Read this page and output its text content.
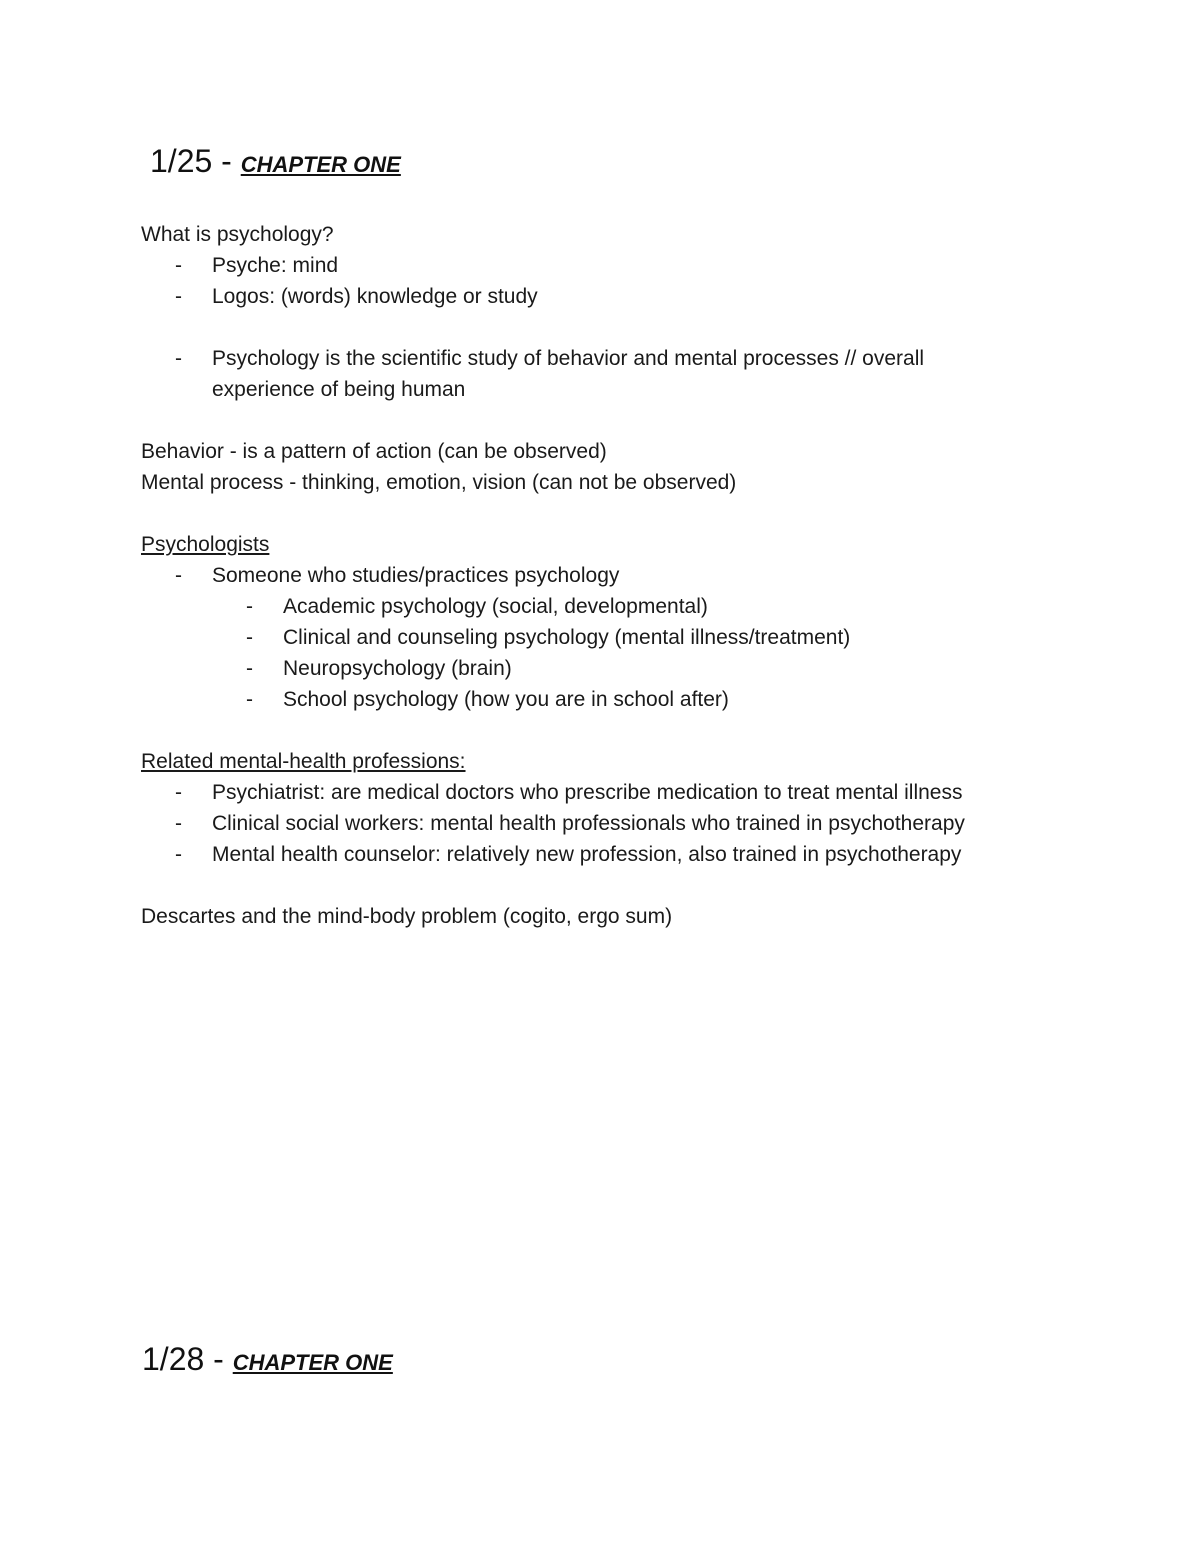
1/25 - CHAPTER ONE
What is psychology?
- Psyche: mind
- Logos: (words) knowledge or study
- Psychology is the scientific study of behavior and mental processes // overall
experience of being human
Behavior - is a pattern of action (can be observed)
Mental process - thinking, emotion, vision (can not be observed)
Psychologists
- Someone who studies/practices psychology
- Academic psychology (social, developmental)
- Clinical and counseling psychology (mental illness/treatment)
- Neuropsychology (brain)
- School psychology (how you are in school after)
Related mental-health professions:
- Psychiatrist: are medical doctors who prescribe medication to treat mental illness
- Clinical social workers: mental health professionals who trained in psychotherapy
- Mental health counselor: relatively new profession, also trained in psychotherapy
Descartes and the mind-body problem (cogito, ergo sum)
1/28 - CHAPTER ONE
